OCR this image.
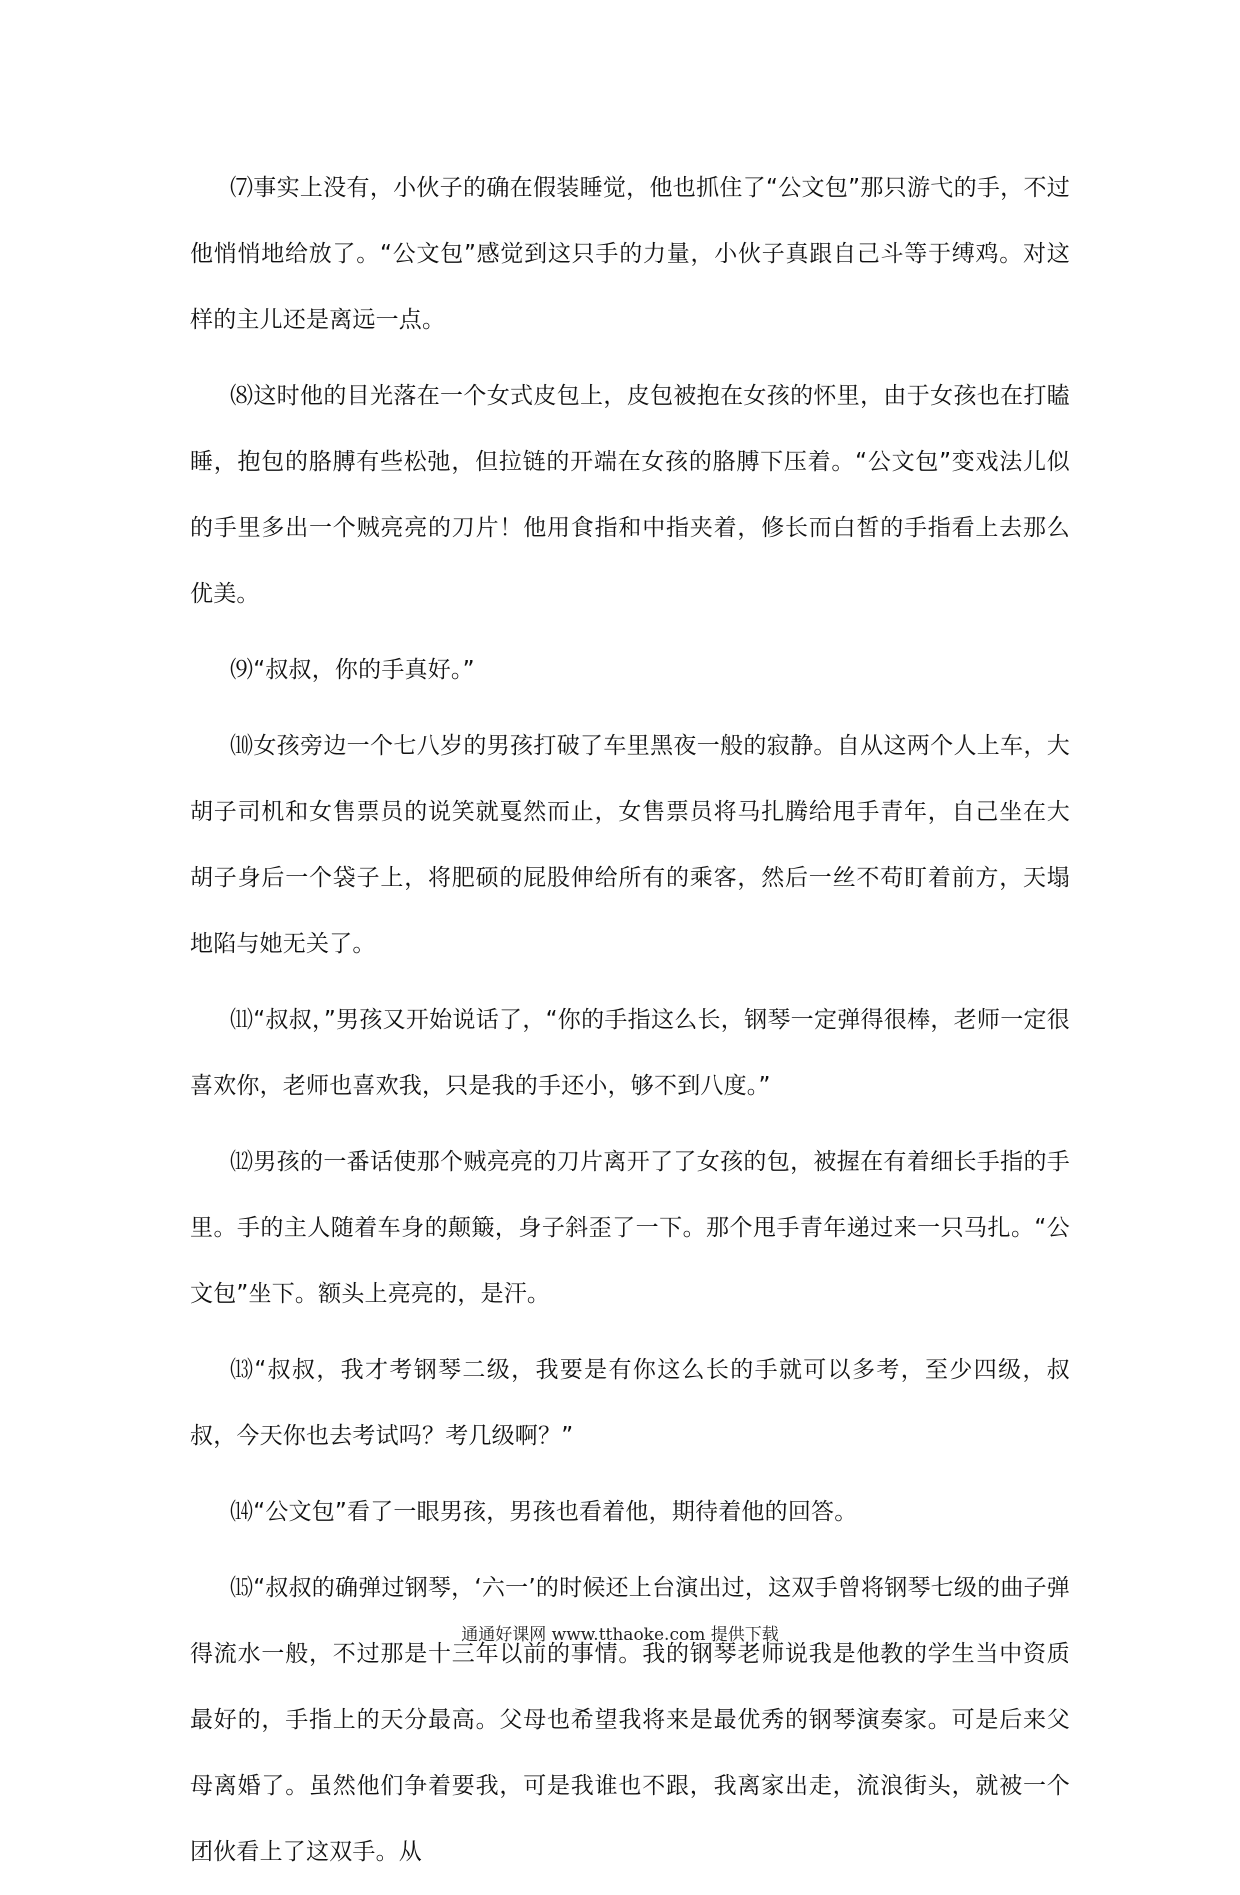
⑺事实上没有，小伙子的确在假装睡觉，他也抓住了“公文包”那只游弋的手，不过他悄悄地给放了。“公文包”感觉到这只手的力量，小伙子真跟自己斗等于缚鸡。对这样的主儿还是离远一点。

⑻这时他的目光落在一个女式皮包上，皮包被抱在女孩的怀里，由于女孩也在打瞌睡，抱包的胳膊有些松弛，但拉链的开端在女孩的胳膊下压着。“公文包”变戏法儿似的手里多出一个贼亮亮的刀片！他用食指和中指夹着，修长而白皙的手指看上去那么优美。

⑼“叔叔，你的手真好。”

⑽女孩旁边一个七八岁的男孩打破了车里黑夜一般的寂静。自从这两个人上车，大胡子司机和女售票员的说笑就戛然而止，女售票员将马扎腾给甩手青年，自己坐在大胡子身后一个袋子上，将肥硕的屁股伸给所有的乘客，然后一丝不苟盯着前方，天塌地陷与她无关了。

⑾“叔叔，”男孩又开始说话了，“你的手指这么长，钢琴一定弹得很棒，老师一定很喜欢你，老师也喜欢我，只是我的手还小，够不到八度。”

⑿男孩的一番话使那个贼亮亮的刀片离开了了女孩的包，被握在有着细长手指的手里。手的主人随着车身的颠簸，身子斜歪了一下。那个甩手青年递过来一只马扎。“公文包”坐下。额头上亮亮的，是汗。

⒀“叔叔，我才考钢琴二级，我要是有你这么长的手就可以多考，至少四级，叔叔，今天你也去考试吗？考几级啊？”

⒁“公文包”看了一眼男孩，男孩也看着他，期待着他的回答。

⒂“叔叔的确弹过钢琴，‘六一’的时候还上台演出过，这双手曾将钢琴七级的曲子弹得流水一般，不过那是十三年以前的事情。我的钢琴老师说我是他教的学生当中资质最好的，手指上的天分最高。父母也希望我将来是最优秀的钢琴演奏家。可是后来父母离婚了。虽然他们争着要我，可是我谁也不跟，我离家出走，流浪街头，就被一个团伙看上了这双手。从

通通好课网 www.tthaoke.com 提供下载
